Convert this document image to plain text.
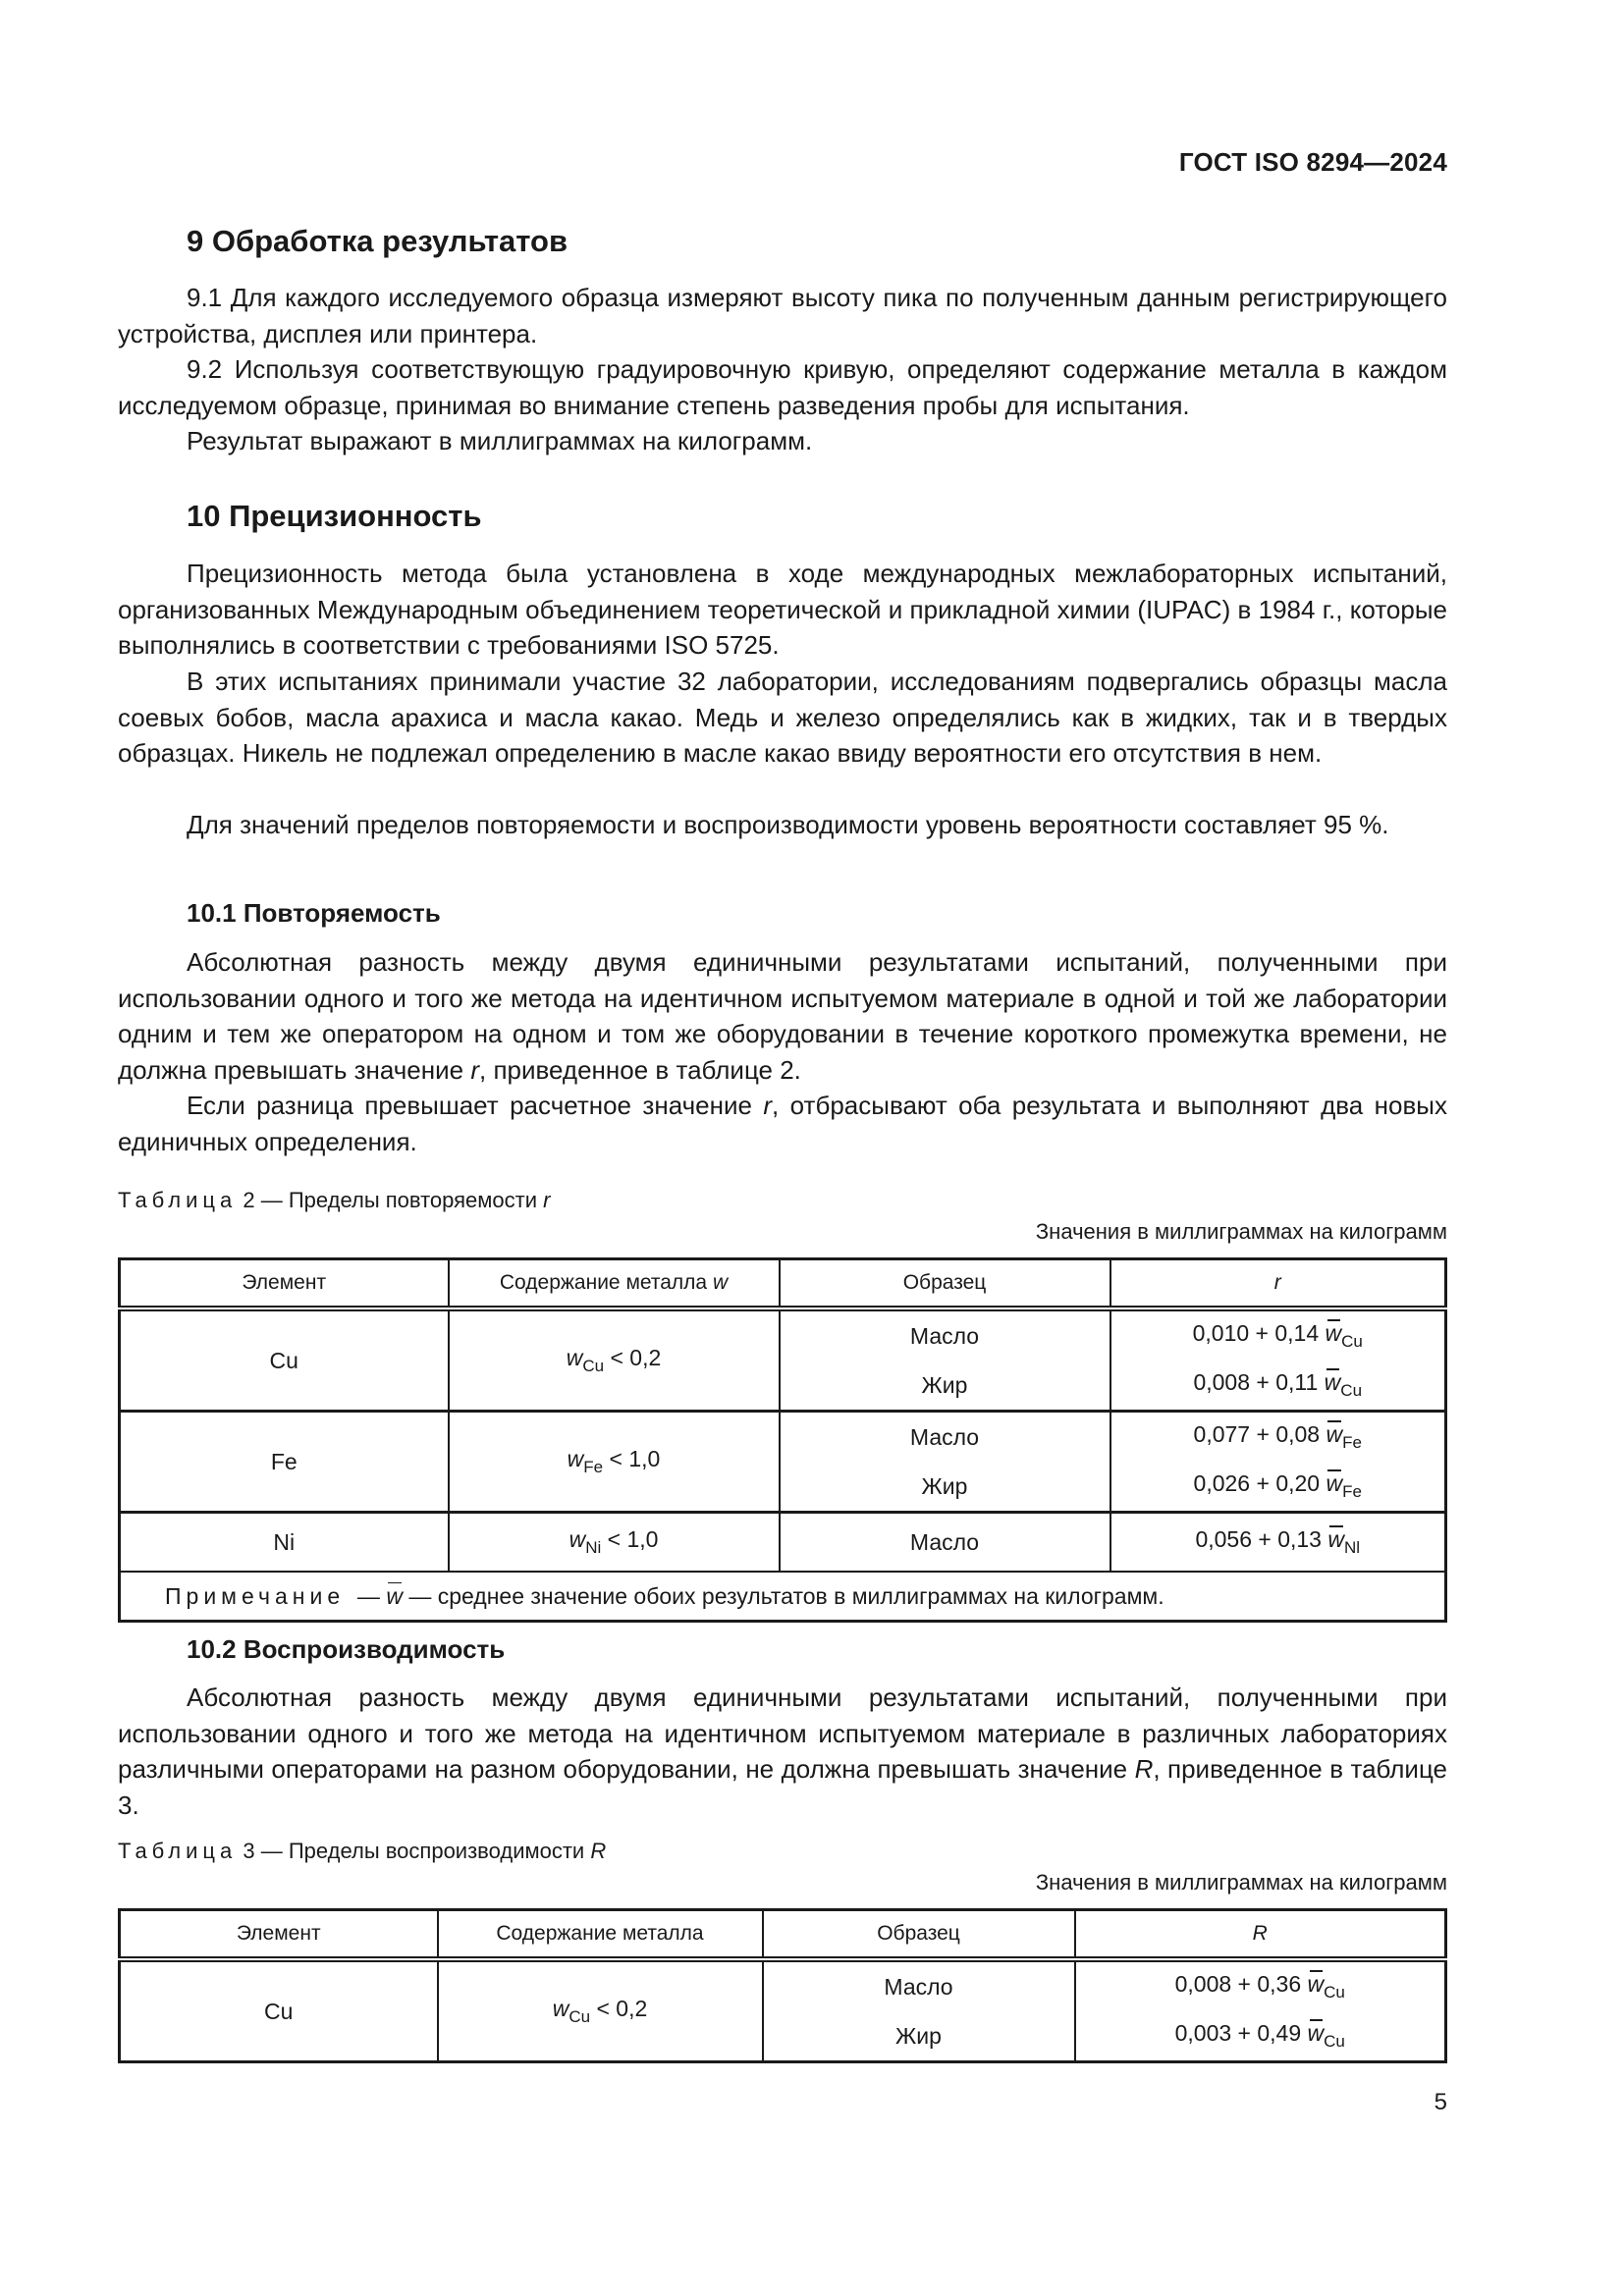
ГОСТ ISO 8294—2024
9 Обработка результатов

9.1 Для каждого исследуемого образца измеряют высоту пика по полученным данным регистрирующего устройства, дисплея или принтера.

9.2 Используя соответствующую градуировочную кривую, определяют содержание металла в каждом исследуемом образце, принимая во внимание степень разведения пробы для испытания.

Результат выражают в миллиграммах на килограмм.

10 Прецизионность

Прецизионность метода была установлена в ходе международных межлабораторных испытаний, организованных Международным объединением теоретической и прикладной химии (IUPAC) в 1984 г., которые выполнялись в соответствии с требованиями ISO 5725.

В этих испытаниях принимали участие 32 лаборатории, исследованиям подвергались образцы масла соевых бобов, масла арахиса и масла какао. Медь и железо определялись как в жидких, так и в твердых образцах. Никель не подлежал определению в масле какао ввиду вероятности его отсутствия в нем.

Для значений пределов повторяемости и воспроизводимости уровень вероятности составляет 95 %.

10.1 Повторяемость

Абсолютная разность между двумя единичными результатами испытаний, полученными при использовании одного и того же метода на идентичном испытуемом материале в одной и той же лаборатории одним и тем же оператором на одном и том же оборудовании в течение короткого промежутка времени, не должна превышать значение r, приведенное в таблице 2.

Если разница превышает расчетное значение r, отбрасывают оба результата и выполняют два новых единичных определения.

Таблица 2 — Пределы повторяемости r
Значения в миллиграммах на килограмм
Элемент	Содержание металла w	Образец	r
Cu	$w_{Cu} < 0,2$	Масло	0,010 + 0,14 $w_{Cu}$
		Жир	0,008 + 0,11 $w_{Cu}$
Fe	$w_{Fe} < 1,0$	Масло	0,077 + 0,08 $w_{Fe}$
		Жир	0,026 + 0,20 $w_{Fe}$
Ni	$w_{Ni} < 1,0$	Масло	0,056 + 0,13 $w_{Nl}$
Примечание  — w — среднее значение обоих результатов в миллиграммах на килограмм.			
10.2 Воспроизводимость

Абсолютная разность между двумя единичными результатами испытаний, полученными при использовании одного и того же метода на идентичном испытуемом материале в различных лабораториях различными операторами на разном оборудовании, не должна превышать значение R, приведенное в таблице 3.

Таблица 3 — Пределы воспроизводимости R
Значения в миллиграммах на килограмм
Элемент	Содержание металла	Образец	R
Cu	$w_{Cu} < 0,2$	Масло	0,008 + 0,36 $w_{Cu}$
		Жир	0,003 + 0,49 $w_{Cu}$
5
